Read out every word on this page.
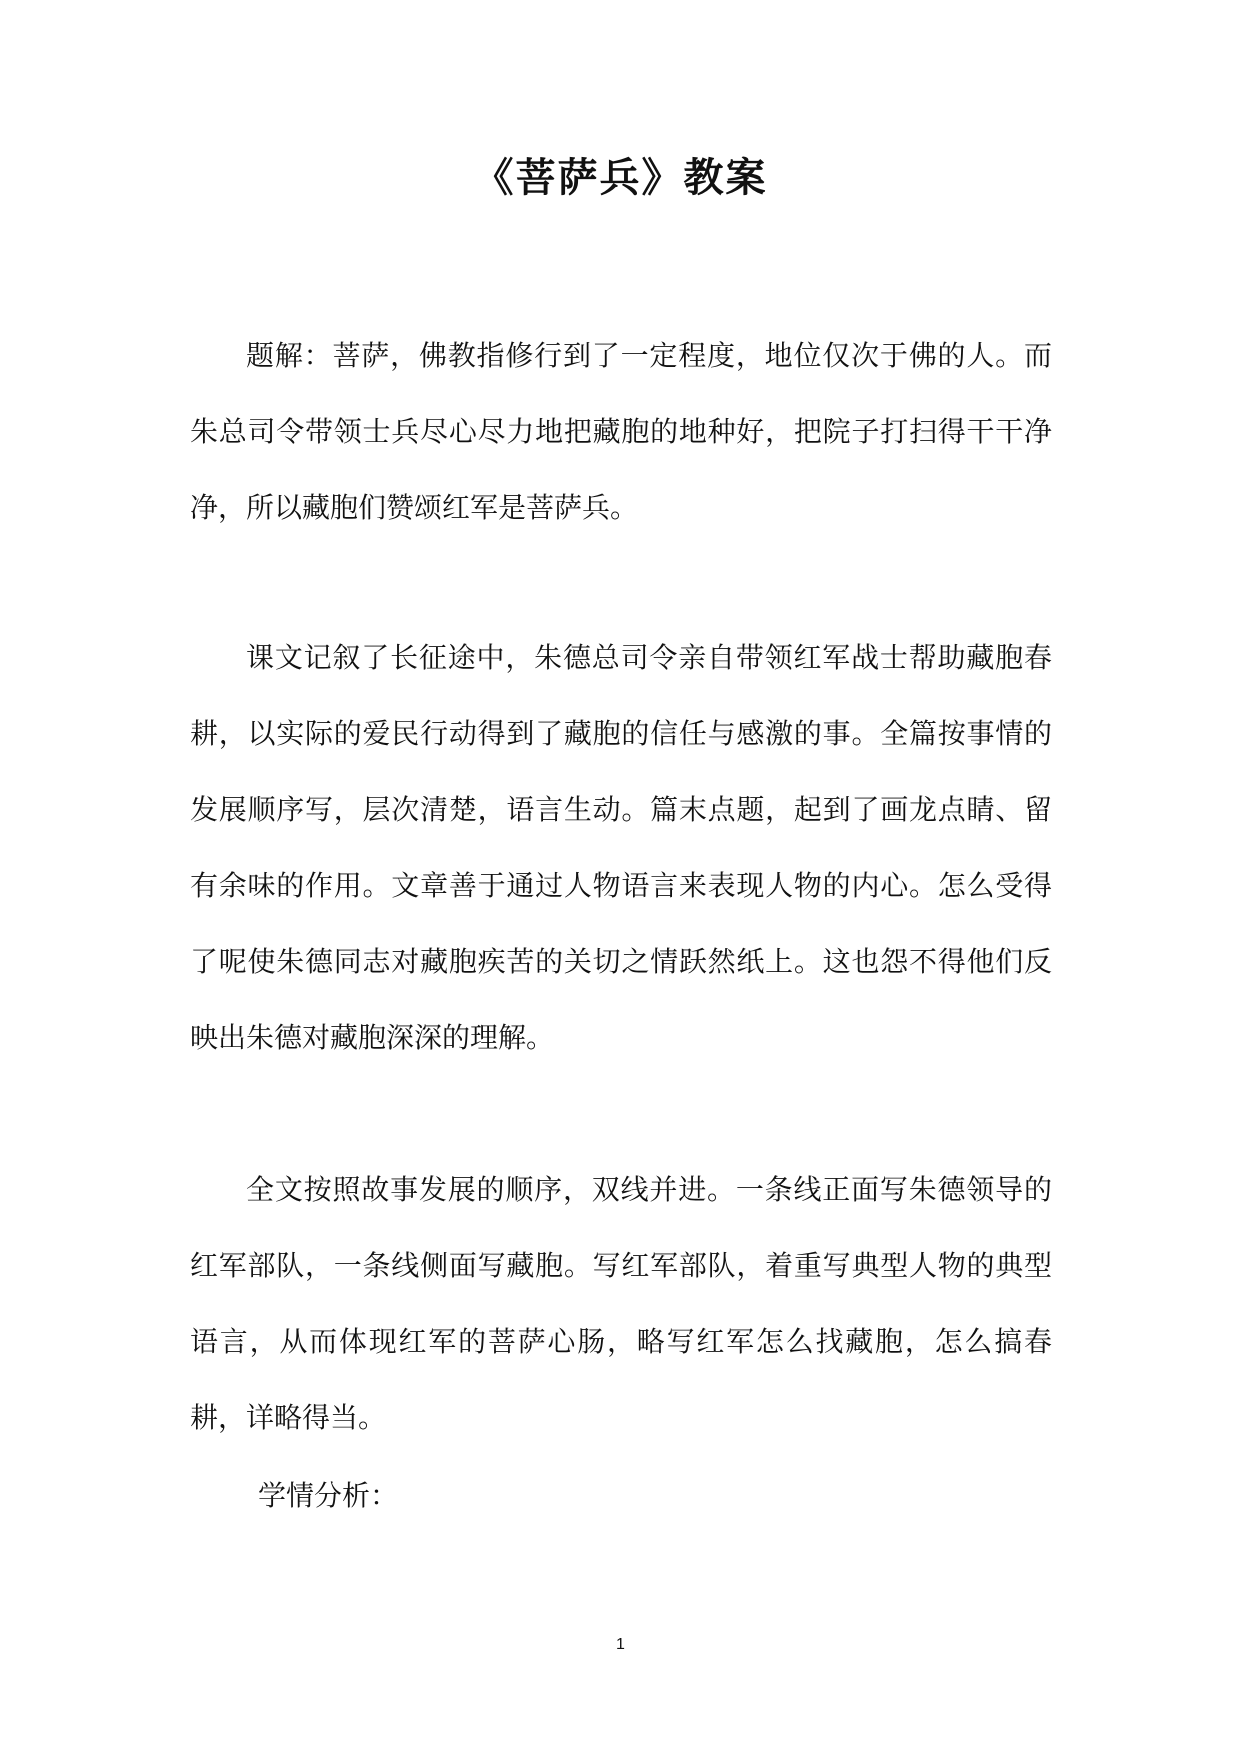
《菩萨兵》教案

题解：菩萨，佛教指修行到了一定程度，地位仅次于佛的人。而朱总司令带领士兵尽心尽力地把藏胞的地种好，把院子打扫得干干净净，所以藏胞们赞颂红军是菩萨兵。

课文记叙了长征途中，朱德总司令亲自带领红军战士帮助藏胞春耕，以实际的爱民行动得到了藏胞的信任与感激的事。全篇按事情的发展顺序写，层次清楚，语言生动。篇末点题，起到了画龙点睛、留有余味的作用。文章善于通过人物语言来表现人物的内心。怎么受得了呢使朱德同志对藏胞疾苦的关切之情跃然纸上。这也怨不得他们反映出朱德对藏胞深深的理解。

全文按照故事发展的顺序，双线并进。一条线正面写朱德领导的红军部队，一条线侧面写藏胞。写红军部队，着重写典型人物的典型语言，从而体现红军的菩萨心肠，略写红军怎么找藏胞，怎么搞春耕，详略得当。

学情分析：

1
